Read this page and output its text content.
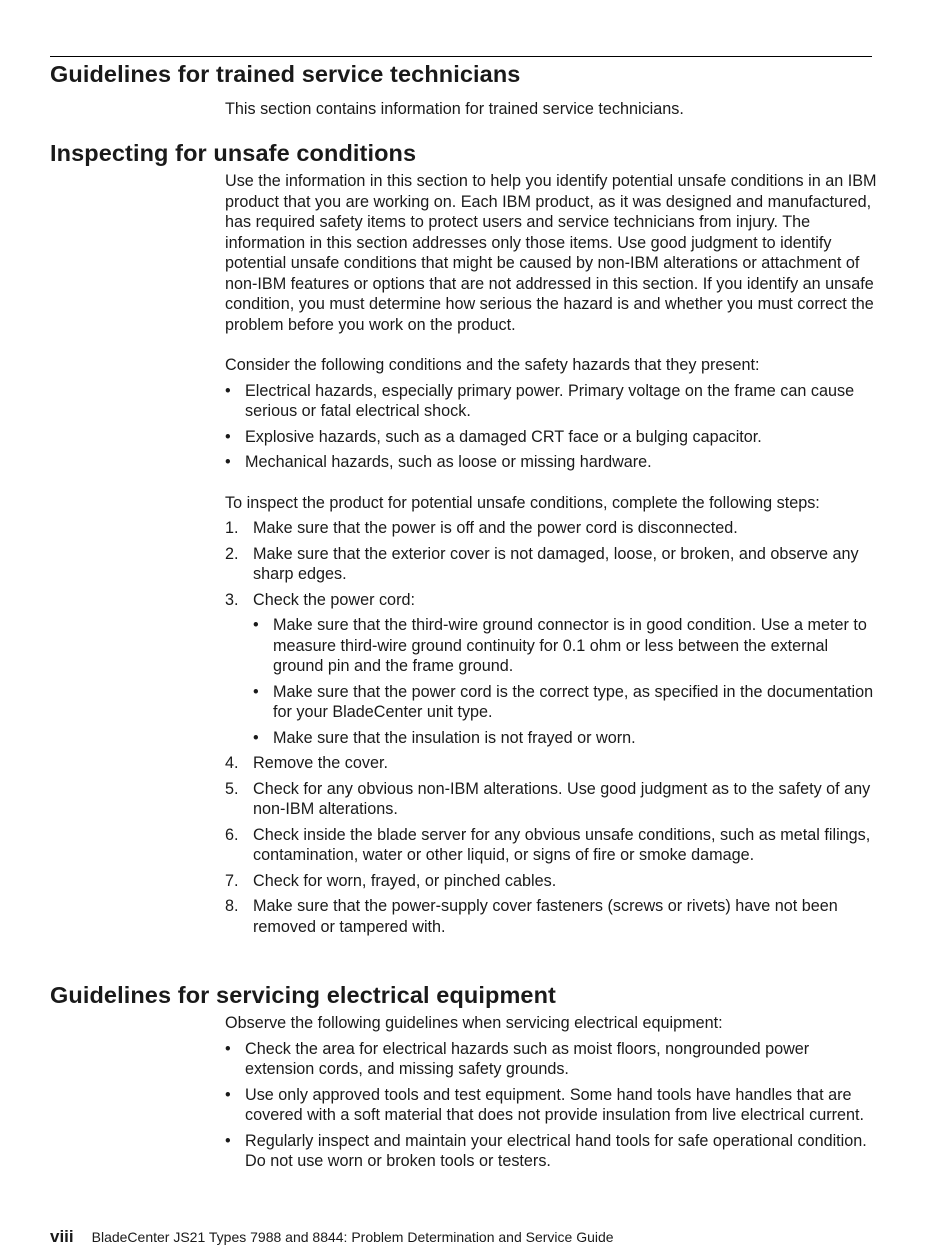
Guidelines for trained service technicians

This section contains information for trained service technicians.

Inspecting for unsafe conditions

Use the information in this section to help you identify potential unsafe conditions in an IBM product that you are working on. Each IBM product, as it was designed and manufactured, has required safety items to protect users and service technicians from injury. The information in this section addresses only those items. Use good judgment to identify potential unsafe conditions that might be caused by non-IBM alterations or attachment of non-IBM features or options that are not addressed in this section. If you identify an unsafe condition, you must determine how serious the hazard is and whether you must correct the problem before you work on the product.

Consider the following conditions and the safety hazards that they present:

• Electrical hazards, especially primary power. Primary voltage on the frame can cause serious or fatal electrical shock.
• Explosive hazards, such as a damaged CRT face or a bulging capacitor.
• Mechanical hazards, such as loose or missing hardware.

To inspect the product for potential unsafe conditions, complete the following steps:

1. Make sure that the power is off and the power cord is disconnected.
2. Make sure that the exterior cover is not damaged, loose, or broken, and observe any sharp edges.
3. Check the power cord:
• Make sure that the third-wire ground connector is in good condition. Use a meter to measure third-wire ground continuity for 0.1 ohm or less between the external ground pin and the frame ground.
• Make sure that the power cord is the correct type, as specified in the documentation for your BladeCenter unit type.
• Make sure that the insulation is not frayed or worn.
4. Remove the cover.
5. Check for any obvious non-IBM alterations. Use good judgment as to the safety of any non-IBM alterations.
6. Check inside the blade server for any obvious unsafe conditions, such as metal filings, contamination, water or other liquid, or signs of fire or smoke damage.
7. Check for worn, frayed, or pinched cables.
8. Make sure that the power-supply cover fasteners (screws or rivets) have not been removed or tampered with.
Guidelines for servicing electrical equipment

Observe the following guidelines when servicing electrical equipment:

• Check the area for electrical hazards such as moist floors, nongrounded power extension cords, and missing safety grounds.
• Use only approved tools and test equipment. Some hand tools have handles that are covered with a soft material that does not provide insulation from live electrical current.
• Regularly inspect and maintain your electrical hand tools for safe operational condition. Do not use worn or broken tools or testers.
viii BladeCenter JS21 Types 7988 and 8844: Problem Determination and Service Guide
